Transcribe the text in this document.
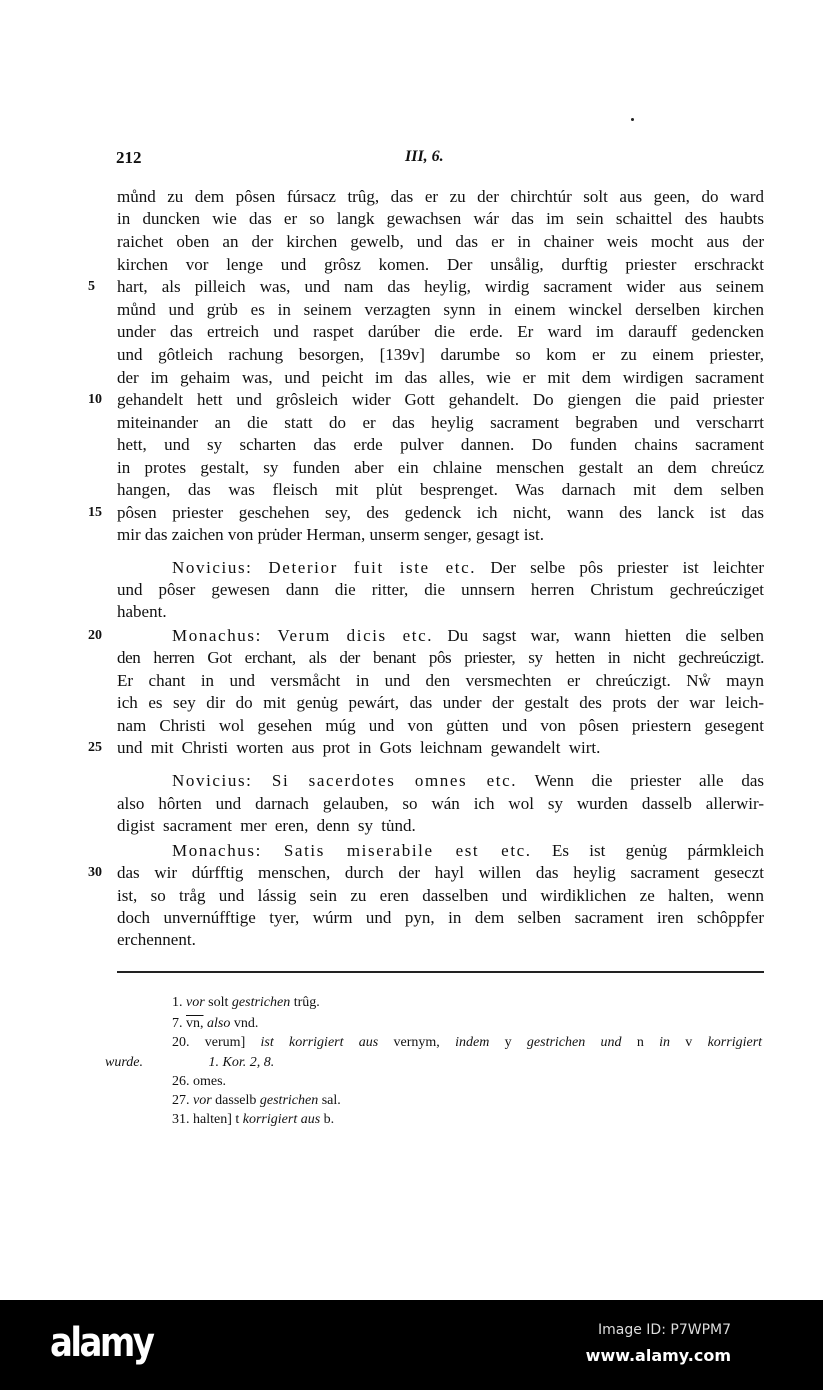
212	III, 6.
můnd zu dem pôsen fúrsacz trûg, das er zu der chirchtúr solt aus geen, do ward
in duncken wie das er so langk gewachsen wár das im sein schaittel des haubts
raichet oben an der kirchen gewelb, und das er in chainer weis mocht aus der
kirchen vor lenge und grôsz komen. Der unsålig, durftig priester erschrackt
5 hart, als pilleich was, und nam das heylig, wirdig sacrament wider aus seinem
můnd und gru̇b es in seinem verzagten synn in einem winckel derselben kirchen
under das ertreich und raspet darúber die erde. Er ward im darauff gedencken
und gôtleich rachung besorgen, [139v] darumbe so kom er zu einem priester,
der im gehaim was, und peicht im das alles, wie er mit dem wirdigen sacrament
10 gehandelt hett und grôsleich wider Gott gehandelt. Do giengen die paid priester
miteinander an die statt do er das heylig sacrament begraben und verscharrt
hett, und sy scharten das erde pulver dannen. Do funden chains sacrament
in protes gestalt, sy funden aber ein chlaine menschen gestalt an dem chreúcz
hangen, das was fleisch mit plu̇t besprenget. Was darnach mit dem selben
15 pôsen priester geschehen sey, des gedenck ich nicht, wann des lanck ist das
mir das zaichen von pru̇der Herman, unserm senger, gesagt ist.
Novicius: Deterior fuit iste etc. Der selbe pôs priester ist leichter
und pôser gewesen dann die ritter, die unnsern herren Christum gechreúcziget
habent.
20	Monachus: Verum dicis etc. Du sagst war, wann hietten die selben
den herren Got erchant, als der benant pôs priester, sy hetten in nicht gechreúczigt.
Er chant in und versmåcht in und den versmechten er chreúczigt. Nẘ mayn
ich es sey dir do mit genu̇g pewárt, das under der gestalt des prots der war leich-
nam Christi wol gesehen múg und von gu̇tten und von pôsen priestern gesegent
25 und mit Christi worten aus prot in Gots leichnam gewandelt wirt.
Novicius: Si sacerdotes omnes etc. Wenn die priester alle das
also hôrten und darnach gelauben, so wán ich wol sy wurden dasselb allerwir-
digist sacrament mer eren, denn sy tu̇nd.
Monachus: Satis miserabile est etc. Es ist genu̇g pármkleich
30 das wir dúrfftig menschen, durch der hayl willen das heylig sacrament geseczt
ist, so tråg und lássig sein zu eren dasselben und wirdiklichen ze halten, wenn
doch unvernúfftige tyer, wúrm und pyn, in dem selben sacrament iren schôppfer
erchennent.
1. vor solt gestrichen trûg.
7. vn, also vnd.
20. verum] ist korrigiert aus vernym, indem y gestrichen und n in v korrigiert
wurde.	1. Kor. 2, 8.
26. omes.
27. vor dasselb gestrichen sal.
31. halten] t korrigiert aus b.
alamy	Image ID: P7WPM7
www.alamy.com
